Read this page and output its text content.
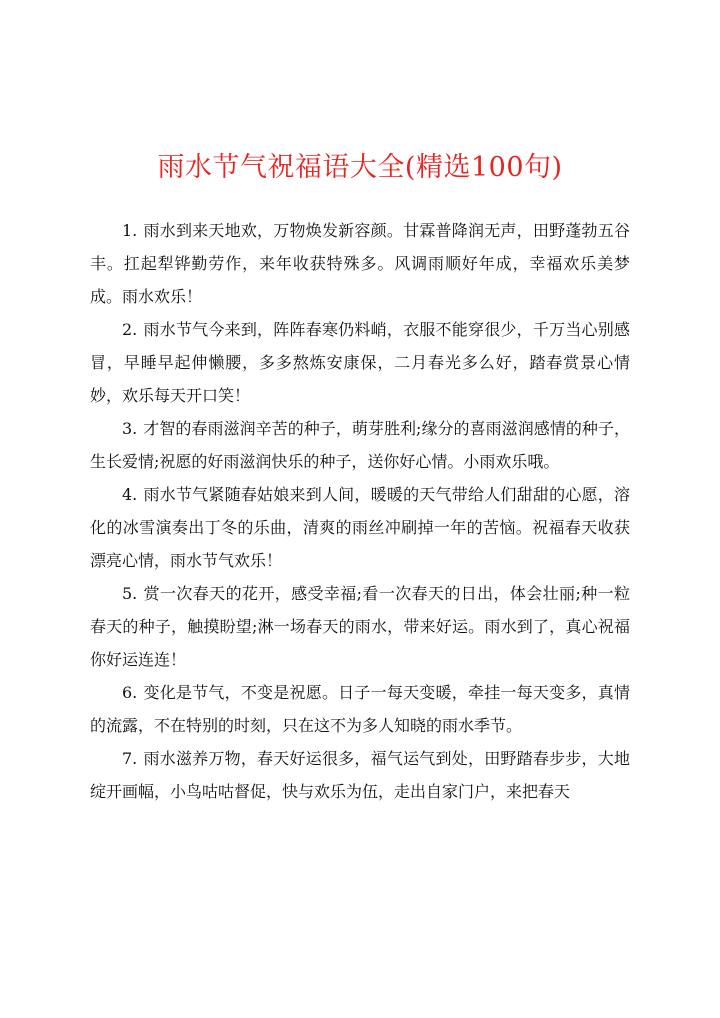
雨水节气祝福语大全(精选100句)

1. 雨水到来天地欢，万物焕发新容颜。甘霖普降润无声，田野蓬勃五谷丰。扛起犁铧勤劳作，来年收获特殊多。风调雨顺好年成，幸福欢乐美梦成。雨水欢乐！

2. 雨水节气今来到，阵阵春寒仍料峭，衣服不能穿很少，千万当心别感冒，早睡早起伸懒腰，多多熬炼安康保，二月春光多么好，踏春赏景心情妙，欢乐每天开口笑！

3. 才智的春雨滋润辛苦的种子，萌芽胜利;缘分的喜雨滋润感情的种子，生长爱情;祝愿的好雨滋润快乐的种子，送你好心情。小雨欢乐哦。

4. 雨水节气紧随春姑娘来到人间，暖暖的天气带给人们甜甜的心愿，溶化的冰雪演奏出丁冬的乐曲，清爽的雨丝冲刷掉一年的苦恼。祝福春天收获漂亮心情，雨水节气欢乐！

5. 赏一次春天的花开，感受幸福;看一次春天的日出，体会壮丽;种一粒春天的种子，触摸盼望;淋一场春天的雨水，带来好运。雨水到了，真心祝福你好运连连！

6. 变化是节气，不变是祝愿。日子一每天变暖，牵挂一每天变多，真情的流露，不在特别的时刻，只在这不为多人知晓的雨水季节。

7. 雨水滋养万物，春天好运很多，福气运气到处，田野踏春步步，大地绽开画幅，小鸟咕咕督促，快与欢乐为伍，走出自家门户，来把春天
